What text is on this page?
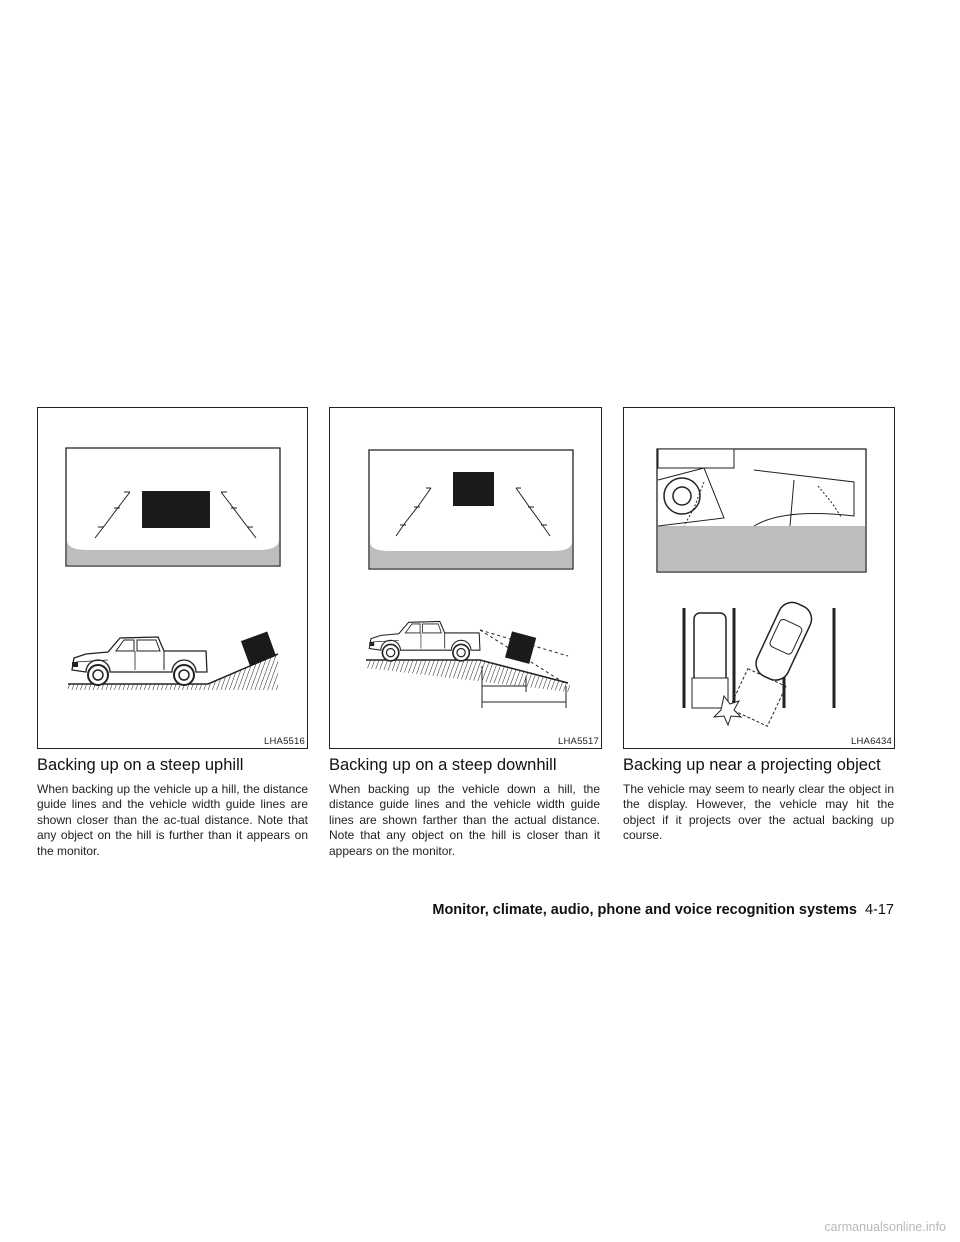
LHA5516	LHA5517	LHA6434
Backing up on a steep uphill

When backing up the vehicle up a hill, the distance guide lines and the vehicle width guide lines are shown closer than the ac-tual distance. Note that any object on the hill is further than it appears on the monitor.

Backing up on a steep downhill

When backing up the vehicle down a hill, the distance guide lines and the vehicle width guide lines are shown farther than the actual distance. Note that any object on the hill is closer than it appears on the monitor.

Backing up near a projecting object

The vehicle may seem to nearly clear the object in the display. However, the vehicle may hit the object if it projects over the actual backing up course.

Monitor, climate, audio, phone and voice recognition systems 4-17
carmanualsonline.info
